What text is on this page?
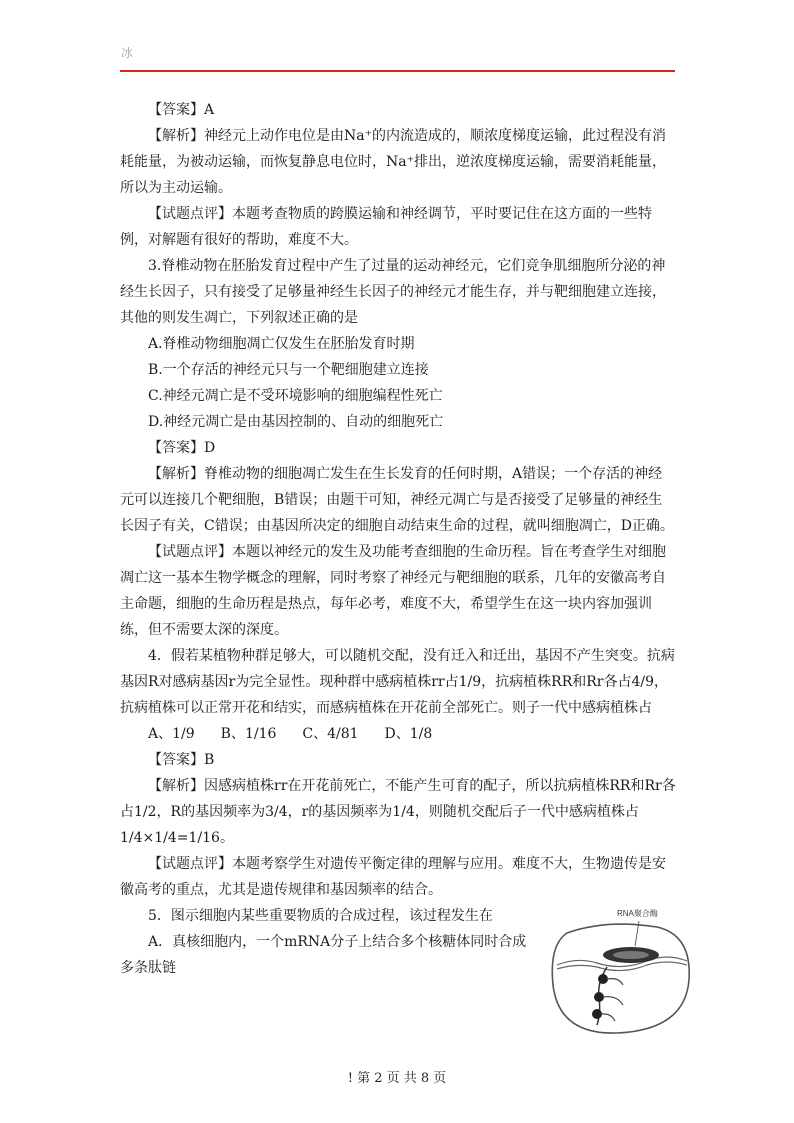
冰

【答案】A

【解析】神经元上动作电位是由Na⁺的内流造成的，顺浓度梯度运输，此过程没有消耗能量，为被动运输，而恢复静息电位时，Na⁺排出，逆浓度梯度运输，需要消耗能量，所以为主动运输。

【试题点评】本题考查物质的跨膜运输和神经调节，平时要记住在这方面的一些特例，对解题有很好的帮助，难度不大。

3.脊椎动物在胚胎发育过程中产生了过量的运动神经元，它们竞争肌细胞所分泌的神经生长因子，只有接受了足够量神经生长因子的神经元才能生存，并与靶细胞建立连接，其他的则发生凋亡，下列叙述正确的是

A.脊椎动物细胞凋亡仅发生在胚胎发育时期
B.一个存活的神经元只与一个靶细胞建立连接
C.神经元凋亡是不受环境影响的细胞编程性死亡
D.神经元凋亡是由基因控制的、自动的细胞死亡

【答案】D

【解析】脊椎动物的细胞凋亡发生在生长发育的任何时期，A错误；一个存活的神经元可以连接几个靶细胞，B错误；由题干可知，神经元凋亡与是否接受了足够量的神经生长因子有关，C错误；由基因所决定的细胞自动结束生命的过程，就叫细胞凋亡，D正确。

【试题点评】本题以神经元的发生及功能考查细胞的生命历程。旨在考查学生对细胞凋亡这一基本生物学概念的理解，同时考察了神经元与靶细胞的联系，几年的安徽高考自主命题，细胞的生命历程是热点，每年必考，难度不大，希望学生在这一块内容加强训练，但不需要太深的深度。

4．假若某植物种群足够大，可以随机交配，没有迁入和迁出，基因不产生突变。抗病基因R对感病基因r为完全显性。现种群中感病植株rr占1/9，抗病植株RR和Rr各占4/9，抗病植株可以正常开花和结实，而感病植株在开花前全部死亡。则子一代中感病植株占

A、1/9 B、1/16 C、4/81 D、1/8

【答案】B

【解析】因感病植株rr在开花前死亡，不能产生可育的配子，所以抗病植株RR和Rr各占1/2，R的基因频率为3/4，r的基因频率为1/4，则随机交配后子一代中感病植株占1/4×1/4=1/16。

【试题点评】本题考察学生对遗传平衡定律的理解与应用。难度不大，生物遗传是安徽高考的重点，尤其是遗传规律和基因频率的结合。

5．图示细胞内某些重要物质的合成过程，该过程发生在

A．真核细胞内，一个mRNA分子上结合多个核糖体同时合成多条肽链

RNA聚合酶
! 第 2 页 共 8 页
